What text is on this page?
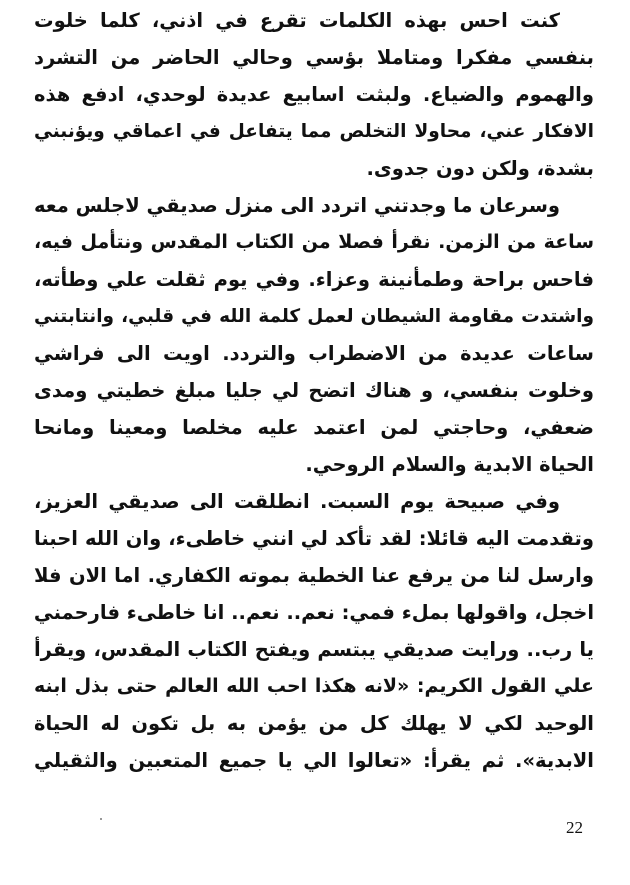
كنت احس بهذه الكلمات تقرع في اذني، كلما خلوت
بنفسي مفكرا ومتاملا بؤسي وحالي الحاضر من التشرد
والهموم والضياع. ولبثت اسابيع عديدة لوحدي، ادفع هذه
الافكار عني، محاولا التخلص مما يتفاعل في اعماقي ويؤنبني
بشدة، ولكن دون جدوى.
وسرعان ما وجدتني اتردد الى منزل صديقي لاجلس معه
ساعة من الزمن. نقرأ فصلا من الكتاب المقدس ونتأمل فيه،
فاحس براحة وطمأنينة وعزاء. وفي يوم ثقلت علي وطأته،
واشتدت مقاومة الشيطان لعمل كلمة الله في قلبي، وانتابتني
ساعات عديدة من الاضطراب والتردد. اويت الى فراشي
وخلوت بنفسي، و هناك اتضح لي جليا مبلغ خطيتي ومدى
ضعفي، وحاجتي لمن اعتمد عليه مخلصا ومعينا ومانحا
الحياة الابدية والسلام الروحي.
وفي صبيحة يوم السبت. انطلقت الى صديقي العزيز،
وتقدمت اليه قائلا: لقد تأكد لي انني خاطىء، وان الله احبنا
وارسل لنا من يرفع عنا الخطية بموته الكفاري. اما الان فلا
اخجل، واقولها بملء فمي: نعم.. نعم.. انا خاطىء فارحمني
يا رب.. ورايت صديقي يبتسم ويفتح الكتاب المقدس، ويقرأ
علي القول الكريم: «لانه هكذا احب الله العالم حتى بذل ابنه
الوحيد لكي لا يهلك كل من يؤمن به بل تكون له الحياة
الابدية». ثم يقرأ: «تعالوا الي يا جميع المتعبين والثقيلي
22
